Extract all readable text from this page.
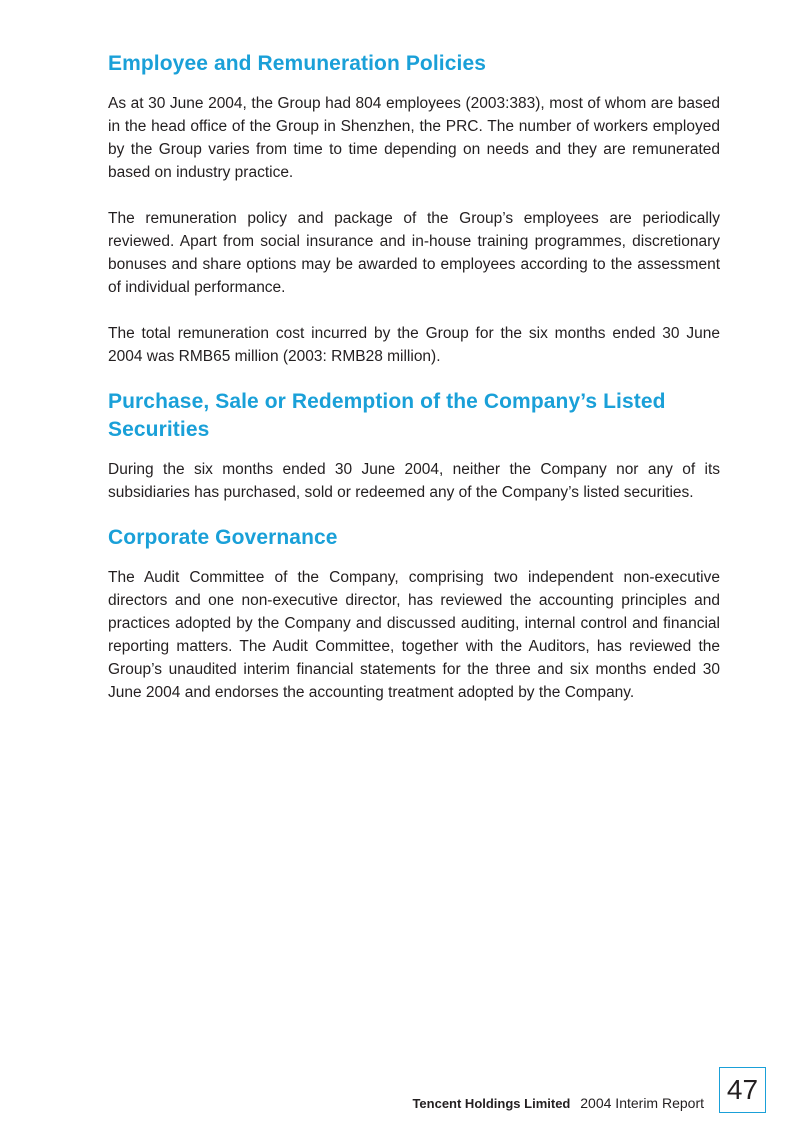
Employee and Remuneration Policies

As at 30 June 2004, the Group had 804 employees (2003:383), most of whom are based in the head office of the Group in Shenzhen, the PRC. The number of workers employed by the Group varies from time to time depending on needs and they are remunerated based on industry practice.

The remuneration policy and package of the Group’s employees are periodically reviewed. Apart from social insurance and in-house training programmes, discretionary bonuses and share options may be awarded to employees according to the assessment of individual performance.

The total remuneration cost incurred by the Group for the six months ended 30 June 2004 was RMB65 million (2003: RMB28 million).

Purchase, Sale or Redemption of the Company’s Listed Securities

During the six months ended 30 June 2004, neither the Company nor any of its subsidiaries has purchased, sold or redeemed any of the Company’s listed securities.

Corporate Governance

The Audit Committee of the Company, comprising two independent non-executive directors and one non-executive director, has reviewed the accounting principles and practices adopted by the Company and discussed auditing, internal control and financial reporting matters. The Audit Committee, together with the Auditors, has reviewed the Group’s unaudited interim financial statements for the three and six months ended 30 June 2004 and endorses the accounting treatment adopted by the Company.

Tencent Holdings Limited 2004 Interim Report 47
